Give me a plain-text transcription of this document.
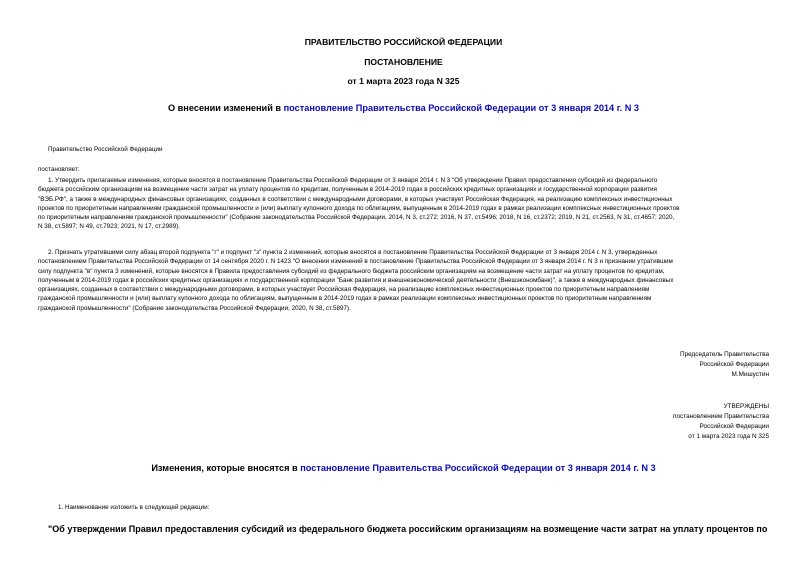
ПРАВИТЕЛЬСТВО РОССИЙСКОЙ ФЕДЕРАЦИИ
ПОСТАНОВЛЕНИЕ
от 1 марта 2023 года N 325
О внесении изменений в постановление Правительства Российской Федерации от 3 января 2014 г. N 3
Правительство Российской Федерации
постановляет:
1. Утвердить прилагаемые изменения, которые вносятся в постановление Правительства Российской Федерации от 3 января 2014 г. N 3 "Об утверждении Правил предоставления субсидий из федерального
бюджета российским организациям на возмещение части затрат на уплату процентов по кредитам, полученным в 2014-2019 годах в российских кредитных организациях и государственной корпорации развития
"ВЭБ.РФ", а также в международных финансовых организациях, созданных в соответствии с международными договорами, в которых участвует Российская Федерация, на реализацию комплексных инвестиционных
проектов по приоритетным направлениям гражданской промышленности и (или) выплату купонного дохода по облигациям, выпущенным в 2014-2019 годах в рамках реализации комплексных инвестиционных проектов
по приоритетным направлениям гражданской промышленности" (Собрание законодательства Российской Федерации, 2014, N 3, ст.272; 2016, N 37, ст.5496; 2018, N 16, ст.2372; 2019, N 21, ст.2563, N 31, ст.4657; 2020,
N 38, ст.5897; N 49, ст.7923; 2021, N 17, ст.2989).
2. Признать утратившими силу абзац второй подпункта "г" и подпункт "з" пункта 2 изменений, которые вносятся в постановление Правительства Российской Федерации от 3 января 2014 г. N 3, утвержденных
постановлением Правительства Российской Федерации от 14 сентября 2020 г. N 1423 "О внесении изменений в постановление Правительства Российской Федерации от 3 января 2014 г. N 3 и признании утратившим
силу подпункта "в" пункта 3 изменений, которые вносятся в Правила предоставления субсидий из федерального бюджета российским организациям на возмещение части затрат на уплату процентов по кредитам,
полученным в 2014-2019 годах в российских кредитных организациях и государственной корпорации "Банк развития и внешнеэкономической деятельности (Внешэкономбанк)", а также в международных финансовых
организациях, созданных в соответствии с международными договорами, в которых участвует Российская Федерация, на реализацию комплексных инвестиционных проектов по приоритетным направлениям
гражданской промышленности и (или) выплату купонного дохода по облигациям, выпущенным в 2014-2019 годах в рамках реализации комплексных инвестиционных проектов по приоритетным направлениям
гражданской промышленности" (Собрание законодательства Российской Федерации, 2020, N 38, ст.5897).
Председатель Правительства
Российской Федерации
М.Мишустин
УТВЕРЖДЕНЫ
постановлением Правительства
Российской Федерации
от 1 марта 2023 года N 325
Изменения, которые вносятся в постановление Правительства Российской Федерации от 3 января 2014 г. N 3
1. Наименование изложить в следующей редакции:
"Об утверждении Правил предоставления субсидий из федерального бюджета российским организациям на возмещение части затрат на уплату процентов по
